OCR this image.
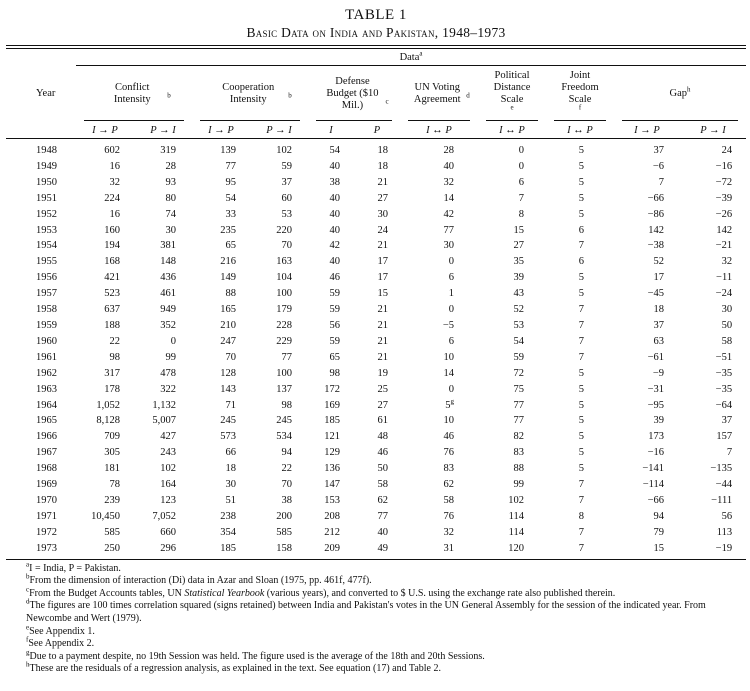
TABLE 1
Basic Data on India and Pakistan, 1948–1973
	Data$^a$
Year	Conflict Intensity $^b$		Cooperation Intensity $^b$		Defense Budget ($10 Mil.) $^c$		UN Voting Agreement $^d$	Political Distance Scale$^e$	Joint Freedom Scale$^f$	Gap$^h$

	I → P	P → I	I → P	P → I	I	P	I ↔ P	I ↔ P	I ↔ P	I → P	P → I

1948	602	319	139	102	54	18	28	0	5	37	24
1949	16	28	77	59	40	18	40	0	5	−6	−16
1950	32	93	95	37	38	21	32	6	5	7	−72
1951	224	80	54	60	40	27	14	7	5	−66	−39
1952	16	74	33	53	40	30	42	8	5	−86	−26
1953	160	30	235	220	40	24	77	15	6	142	142
1954	194	381	65	70	42	21	30	27	7	−38	−21
1955	168	148	216	163	40	17	0	35	6	52	32
1956	421	436	149	104	46	17	6	39	5	17	−11
1957	523	461	88	100	59	15	1	43	5	−45	−24
1958	637	949	165	179	59	21	0	52	7	18	30
1959	188	352	210	228	56	21	−5	53	7	37	50
1960	22	0	247	229	59	21	6	54	7	63	58
1961	98	99	70	77	65	21	10	59	7	−61	−51
1962	317	478	128	100	98	19	14	72	5	−9	−35
1963	178	322	143	137	172	25	0	75	5	−31	−35
1964	1,052	1,132	71	98	169	27	5$^g$	77	5	−95	−64
1965	8,128	5,007	245	245	185	61	10	77	5	39	37
1966	709	427	573	534	121	48	46	82	5	173	157
1967	305	243	66	94	129	46	76	83	5	−16	7
1968	181	102	18	22	136	50	83	88	5	−141	−135
1969	78	164	30	70	147	58	62	99	7	−114	−44
1970	239	123	51	38	153	62	58	102	7	−66	−111
1971	10,450	7,052	238	200	208	77	76	114	8	94	56
1972	585	660	354	585	212	40	32	114	7	79	113
1973	250	296	185	158	209	49	31	120	7	15	−19
$^a$I = India, P = Pakistan.
$^b$From the dimension of interaction (Di) data in Azar and Sloan (1975, pp. 461f, 477f).
$^c$From the Budget Accounts tables, UN Statistical Yearbook (various years), and converted to $ U.S. using the exchange rate also published therein.
$^d$The figures are 100 times correlation squared (signs retained) between India and Pakistan's votes in the UN General Assembly for the session of the indicated year. From Newcombe and Wert (1979).
$^e$See Appendix 1.
$^f$See Appendix 2.
$^g$Due to a payment despite, no 19th Session was held. The figure used is the average of the 18th and 20th Sessions.
$^h$These are the residuals of a regression analysis, as explained in the text. See equation (17) and Table 2.
